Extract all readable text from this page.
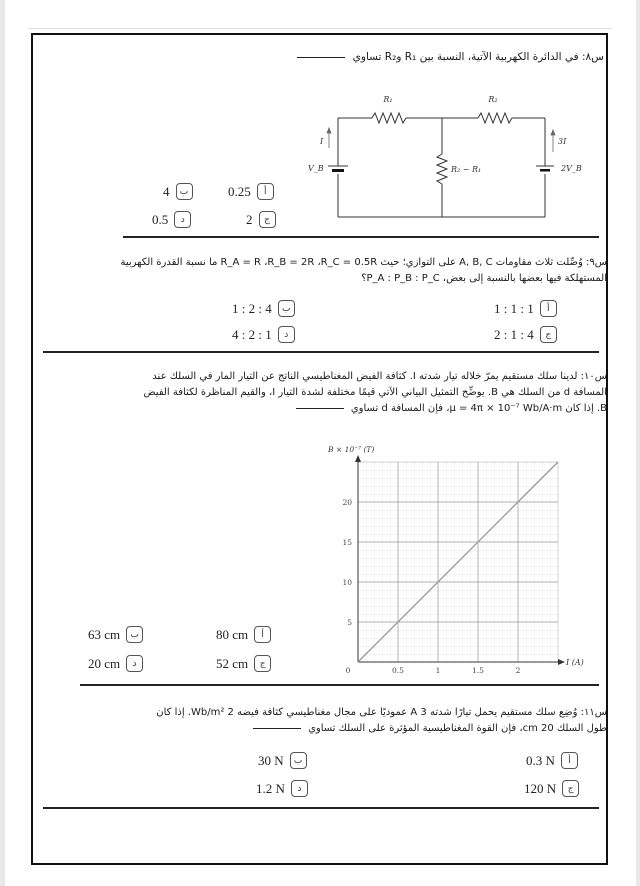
س٨: في الدائرة الكهربية الآتية، النسبة بين R₁ وR₂ تساوي
R₁	R₂
R₂ − R₁
I	3I
V_B	2V_B
0.25	أ
4	ب
2	ج
0.5	د
س٩: وُصِّلت ثلاث مقاومات A, B, C على التوازي؛ حيث R_A = R ،R_B = 2R ،R_C = 0.5R ما نسبة القدرة الكهربية
المستهلكة فيها بعضها بالنسبة إلى بعض، P_A : P_B : P_C؟
1 : 1 : 1	أ
1 : 2 : 4	ب
2 : 1 : 4	ج
4 : 2 : 1	د
س١٠: لدينا سلك مستقيم يمرّ خلاله تيار شدته I. كثافة الفيض المغناطيسي الناتج عن التيار المار في السلك عند
المسافة d من السلك هي B. يوضِّح التمثيل البياني الآتي قيمًا مختلفة لشدة التيار I، والقيم المناظرة لكثافة الفيض
B. إذا كان μ = 4π × 10⁻⁷ Wb/A·m، فإن المسافة d تساوي
5
10
15
20
0	0.5	1	1.5	2
B × 10⁻⁷ (T)
I (A)
80 cm	أ
63 cm	ب
52 cm	ج
20 cm	د
س١١: وُضِع سلك مستقيم يحمل تيارًا شدته 3 A عموديًا على مجال مغناطيسي كثافة فيضه 2 Wb/m². إذا كان
طول السلك 20 cm، فإن القوة المغناطيسية المؤثرة على السلك تساوي
0.3 N	أ
30 N	ب
120 N	ج
1.2 N	د
